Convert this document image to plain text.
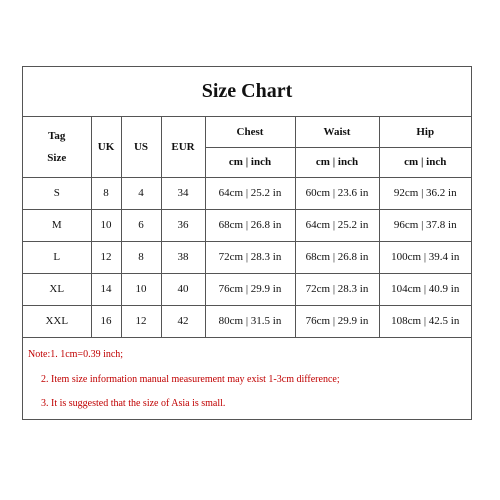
Size Chart
Tag
Size	UK	US	EUR	Chest	Waist	Hip
				cm | inch	cm | inch	cm | inch
S	8	4	34	64cm | 25.2 in	60cm | 23.6 in	92cm | 36.2 in
M	10	6	36	68cm | 26.8 in	64cm | 25.2 in	96cm | 37.8 in
L	12	8	38	72cm | 28.3 in	68cm | 26.8 in	100cm | 39.4 in
XL	14	10	40	76cm | 29.9 in	72cm | 28.3 in	104cm | 40.9 in
XXL	16	12	42	80cm | 31.5 in	76cm | 29.9 in	108cm | 42.5 in
Note:1. 1cm=0.39 inch;
2. Item size information manual measurement may exist 1-3cm difference;
3. It is suggested that the size of Asia is small.
